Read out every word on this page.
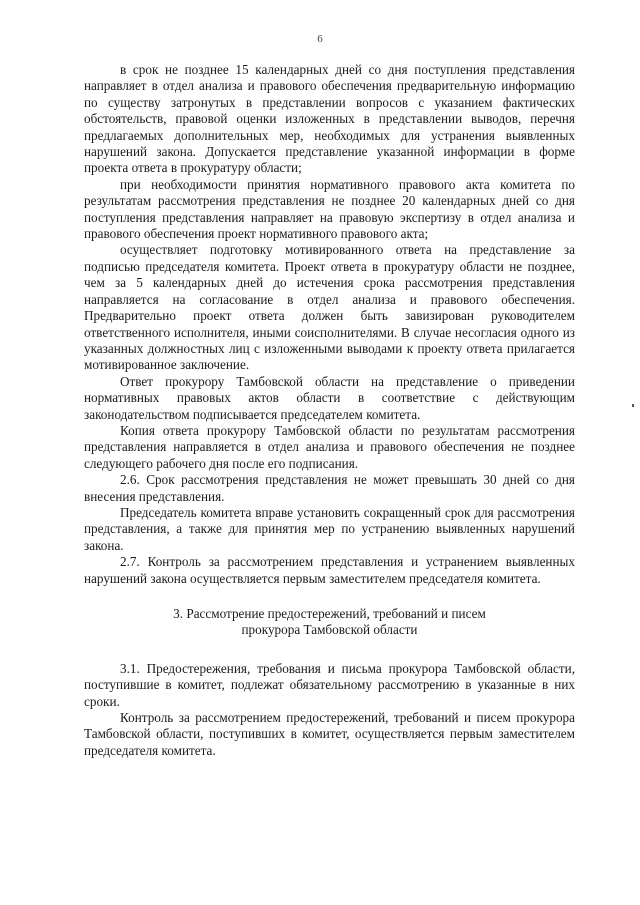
6

в срок не позднее 15 календарных дней со дня поступления представления направляет в отдел анализа и правового обеспечения предварительную информацию по существу затронутых в представлении вопросов с указанием фактических обстоятельств, правовой оценки изложенных в представлении выводов, перечня предлагаемых дополнительных мер, необходимых для устранения выявленных нарушений закона. Допускается представление указанной информации в форме проекта ответа в прокуратуру области;

при необходимости принятия нормативного правового акта комитета по результатам рассмотрения представления не позднее 20 календарных дней со дня поступления представления направляет на правовую экспертизу в отдел анализа и правового обеспечения проект нормативного правового акта;

осуществляет подготовку мотивированного ответа на представление за подписью председателя комитета. Проект ответа в прокуратуру области не позднее, чем за 5 календарных дней до истечения срока рассмотрения представления направляется на согласование в отдел анализа и правового обеспечения. Предварительно проект ответа должен быть завизирован руководителем ответственного исполнителя, иными соисполнителями. В случае несогласия одного из указанных должностных лиц с изложенными выводами к проекту ответа прилагается мотивированное заключение.

Ответ прокурору Тамбовской области на представление о приведении нормативных правовых актов области в соответствие с действующим законодательством подписывается председателем комитета.

Копия ответа прокурору Тамбовской области по результатам рассмотрения представления направляется в отдел анализа и правового обеспечения не позднее следующего рабочего дня после его подписания.

2.6. Срок рассмотрения представления не может превышать 30 дней со дня внесения представления.

Председатель комитета вправе установить сокращенный срок для рассмотрения представления, а также для принятия мер по устранению выявленных нарушений закона.

2.7. Контроль за рассмотрением представления и устранением выявленных нарушений закона осуществляется первым заместителем председателя комитета.

3. Рассмотрение предостережений, требований и писем
прокурора Тамбовской области

3.1. Предостережения, требования и письма прокурора Тамбовской области, поступившие в комитет, подлежат обязательному рассмотрению в указанные в них сроки.

Контроль за рассмотрением предостережений, требований и писем прокурора Тамбовской области, поступивших в комитет, осуществляется первым заместителем председателя комитета.
